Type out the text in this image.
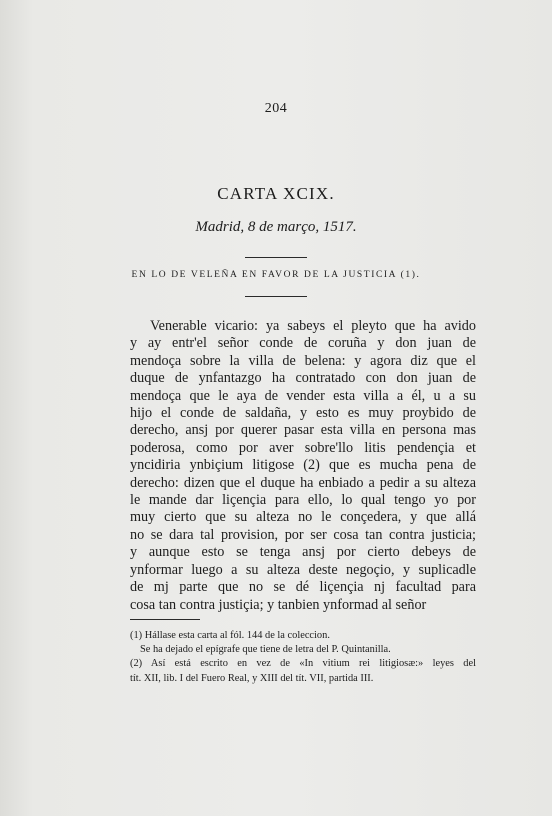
204
CARTA XCIX.
Madrid, 8 de março, 1517.
EN LO DE VELEÑA EN FAVOR DE LA JUSTICIA (1).
Venerable vicario: ya sabeys el pleyto que ha avido
y ay entr'el señor conde de coruña y don juan de
mendoça sobre la villa de belena: y agora diz que el
duque de ynfantazgo ha contratado con don juan de
mendoça que le aya de vender esta villa a él, u a su
hijo el conde de saldaña, y esto es muy proybido de
derecho, ansj por querer pasar esta villa en persona mas
poderosa, como por aver sobre'llo litis pendençia et
yncidiria ynbiçium litigose (2) que es mucha pena de
derecho: dizen que el duque ha enbiado a pedir a su alteza
le mande dar liçençia para ello, lo qual tengo yo por
muy cierto que su alteza no le conçedera, y que allá
no se dara tal provision, por ser cosa tan contra justicia;
y aunque esto se tenga ansj por cierto debeys de
ynformar luego a su alteza deste negoçio, y suplicadle
de mj parte que no se dé liçençia nj facultad para
cosa tan contra justiçia; y tanbien ynformad al señor
(1) Hállase esta carta al fól. 144 de la coleccion.
Se ha dejado el epígrafe que tiene de letra del P. Quintanilla.
(2) Así está escrito en vez de «In vitium rei litigiosæ:» leyes del
tít. XII, lib. I del Fuero Real, y XIII del tít. VII, partida III.
